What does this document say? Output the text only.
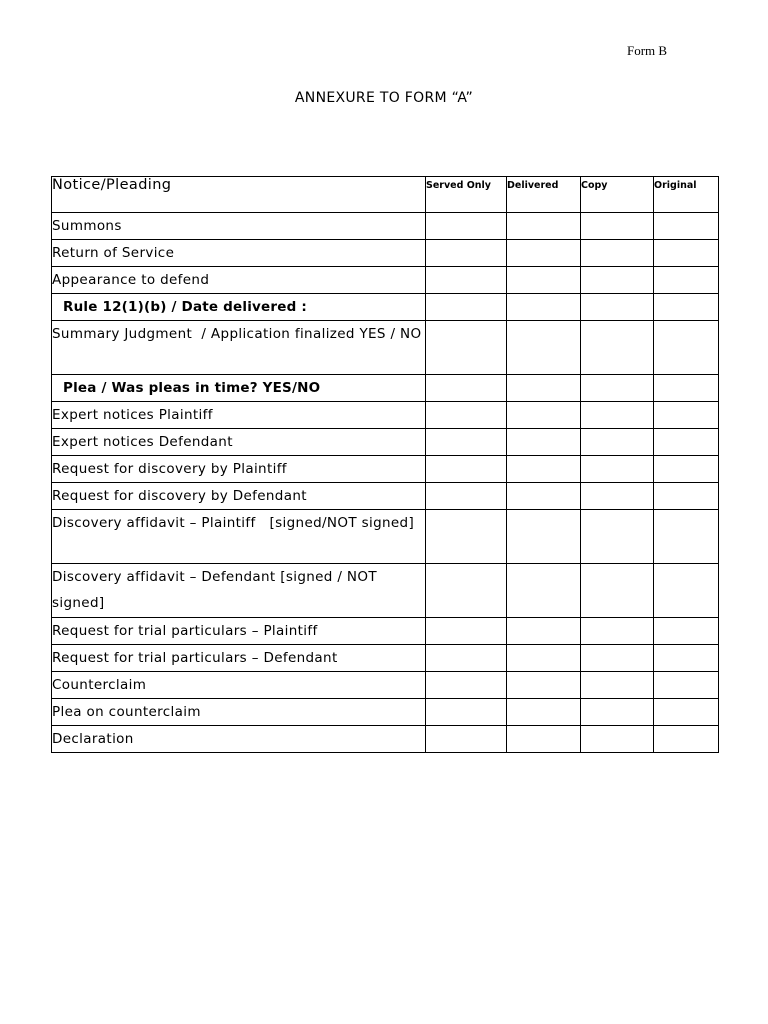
Form B
ANNEXURE TO FORM “A”
Notice/Pleading	Served Only	Delivered	Copy	Original
Summons				
Return of Service				
Appearance to defend				
Rule 12(1)(b) / Date delivered :				
Summary Judgment  / Application finalized YES / NO				
Plea / Was pleas in time? YES/NO				
Expert notices Plaintiff				
Expert notices Defendant				
Request for discovery by Plaintiff				
Request for discovery by Defendant				
Discovery affidavit – Plaintiff   [signed/NOT signed]				
Discovery affidavit – Defendant [signed / NOT signed]				
Request for trial particulars – Plaintiff				
Request for trial particulars – Defendant				
Counterclaim				
Plea on counterclaim				
Declaration				
